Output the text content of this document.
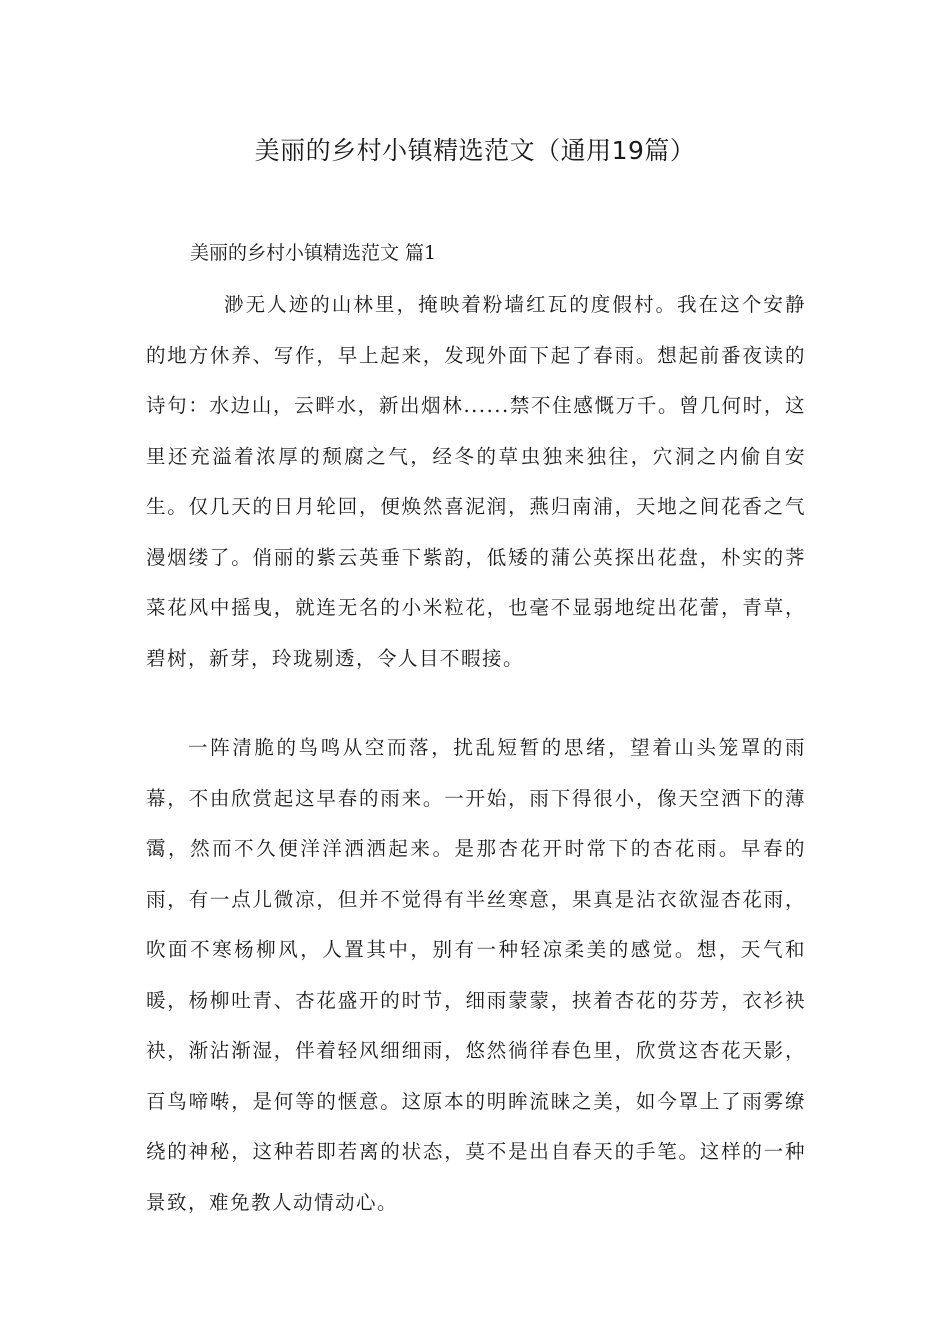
美丽的乡村小镇精选范文（通用19篇）
美丽的乡村小镇精选范文 篇1

渺无人迹的山林里，掩映着粉墙红瓦的度假村。我在这个安静的地方休养、写作，早上起来，发现外面下起了春雨。想起前番夜读的诗句：水边山，云畔水，新出烟林......禁不住感慨万千。曾几何时，这里还充溢着浓厚的颓腐之气，经冬的草虫独来独往，穴洞之内偷自安生。仅几天的日月轮回，便焕然喜泥润，燕归南浦，天地之间花香之气漫烟缕了。俏丽的紫云英垂下紫韵，低矮的蒲公英探出花盘，朴实的荠菜花风中摇曳，就连无名的小米粒花，也毫不显弱地绽出花蕾，青草，碧树，新芽，玲珑剔透，令人目不暇接。

一阵清脆的鸟鸣从空而落，扰乱短暂的思绪，望着山头笼罩的雨幕，不由欣赏起这早春的雨来。一开始，雨下得很小，像天空洒下的薄霭，然而不久便洋洋洒洒起来。是那杏花开时常下的杏花雨。早春的雨，有一点儿微凉，但并不觉得有半丝寒意，果真是沾衣欲湿杏花雨，吹面不寒杨柳风，人置其中，别有一种轻凉柔美的感觉。想，天气和暖，杨柳吐青、杏花盛开的时节，细雨蒙蒙，挟着杏花的芬芳，衣衫袂袂，渐沾渐湿，伴着轻风细细雨，悠然徜徉春色里，欣赏这杏花天影，百鸟啼啭，是何等的惬意。这原本的明眸流睐之美，如今罩上了雨雾缭绕的神秘，这种若即若离的状态，莫不是出自春天的手笔。这样的一种景致，难免教人动情动心。
